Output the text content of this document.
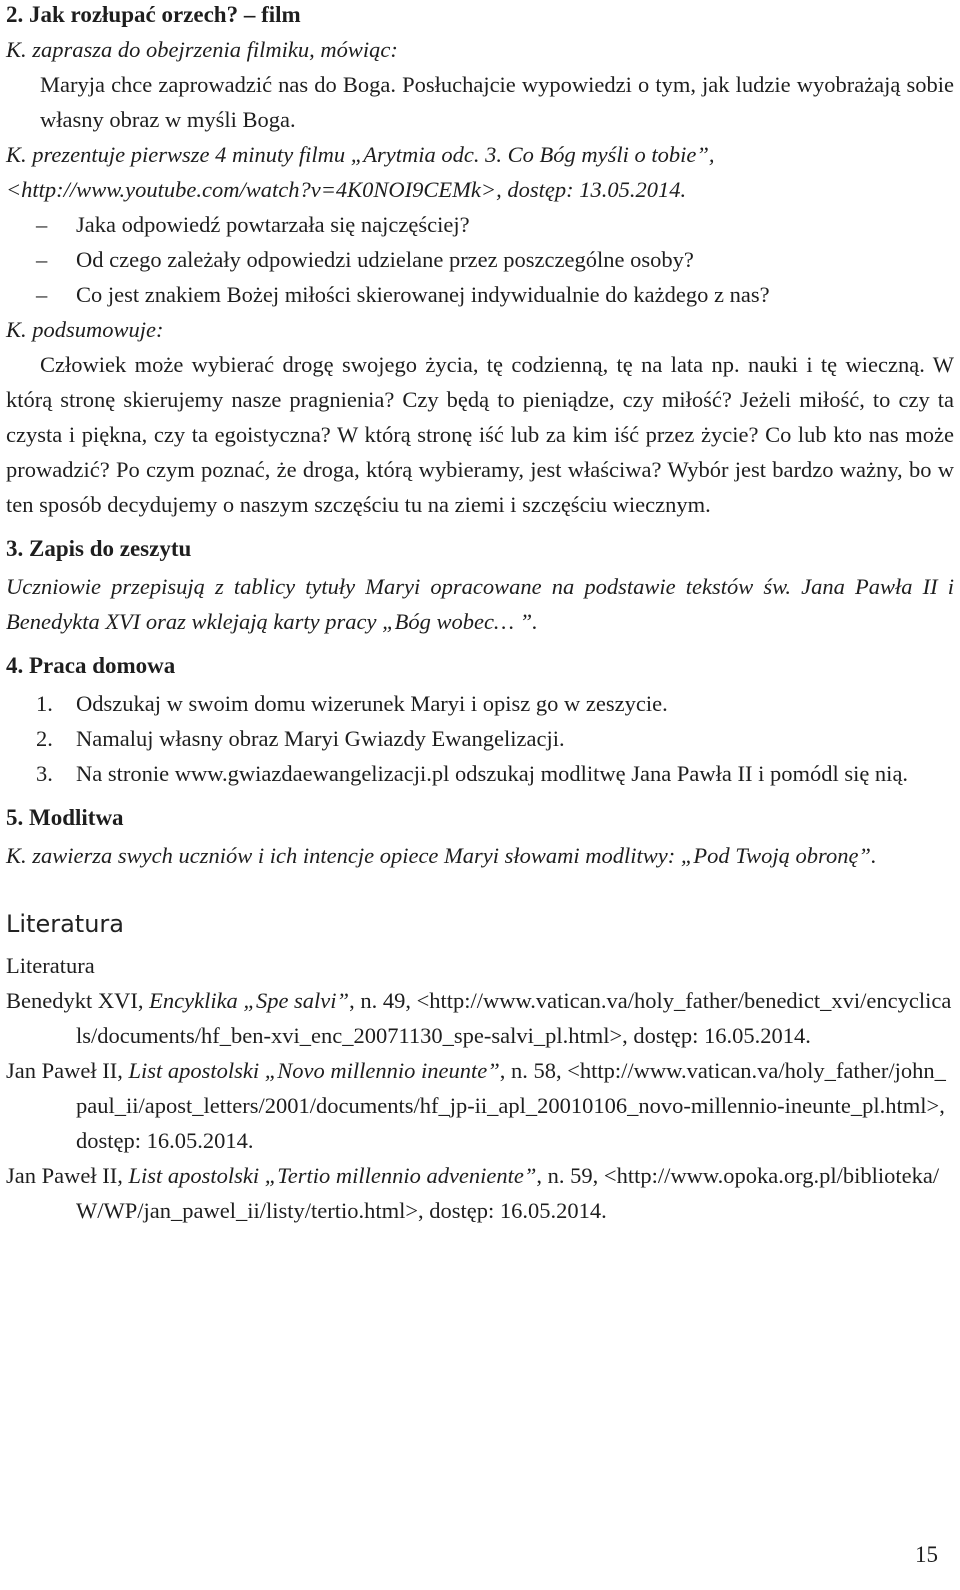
2. Jak rozłupać orzech? – film

K. zaprasza do obejrzenia filmiku, mówiąc:

Maryja chce zaprowadzić nas do Boga. Posłuchajcie wypowiedzi o tym, jak ludzie wyobrażają sobie własny obraz w myśli Boga.

K. prezentuje pierwsze 4 minuty filmu „Arytmia odc. 3. Co Bóg myśli o tobie”, <http://www.youtube.com/watch?v=4K0NOI9CEMk>, dostęp: 13.05.2014.

– Jaka odpowiedź powtarzała się najczęściej?

– Od czego zależały odpowiedzi udzielane przez poszczególne osoby?

– Co jest znakiem Bożej miłości skierowanej indywidualnie do każdego z nas?

K. podsumowuje:

Człowiek może wybierać drogę swojego życia, tę codzienną, tę na lata np. nauki i tę wieczną. W którą stronę skierujemy nasze pragnienia? Czy będą to pieniądze, czy miłość? Jeżeli miłość, to czy ta czysta i piękna, czy ta egoistyczna? W którą stronę iść lub za kim iść przez życie? Co lub kto nas może prowadzić? Po czym poznać, że droga, którą wybieramy, jest właściwa? Wybór jest bardzo ważny, bo w ten sposób decydujemy o naszym szczęściu tu na ziemi i szczęściu wiecznym.

3. Zapis do zeszytu

Uczniowie przepisują z tablicy tytuły Maryi opracowane na podstawie tekstów św. Jana Pawła II i Benedykta XVI oraz wklejają karty pracy „Bóg wobec… ”.

4. Praca domowa

1. Odszukaj w swoim domu wizerunek Maryi i opisz go w zeszycie.

2. Namaluj własny obraz Maryi Gwiazdy Ewangelizacji.

3. Na stronie www.gwiazdaewangelizacji.pl odszukaj modlitwę Jana Pawła II i pomódl się nią.

5. Modlitwa

K. zawierza swych uczniów i ich intencje opiece Maryi słowami modlitwy: „Pod Twoją obronę”.

Literatura

Literatura

Benedykt XVI, Encyklika „Spe salvi”, n. 49, <http://www.vatican.va/holy_father/benedict_xvi/encyclicals/documents/hf_ben-xvi_enc_20071130_spe-salvi_pl.html>, dostęp: 16.05.2014.

Jan Paweł II, List apostolski „Novo millennio ineunte”, n. 58, <http://www.vatican.va/holy_father/john_paul_ii/apost_letters/2001/documents/hf_jp-ii_apl_20010106_novo-millennio-ineunte_pl.html>, dostęp: 16.05.2014.

Jan Paweł II, List apostolski „Tertio millennio adveniente”, n. 59, <http://www.opoka.org.pl/biblioteka/W/WP/jan_pawel_ii/listy/tertio.html>, dostęp: 16.05.2014.

15
